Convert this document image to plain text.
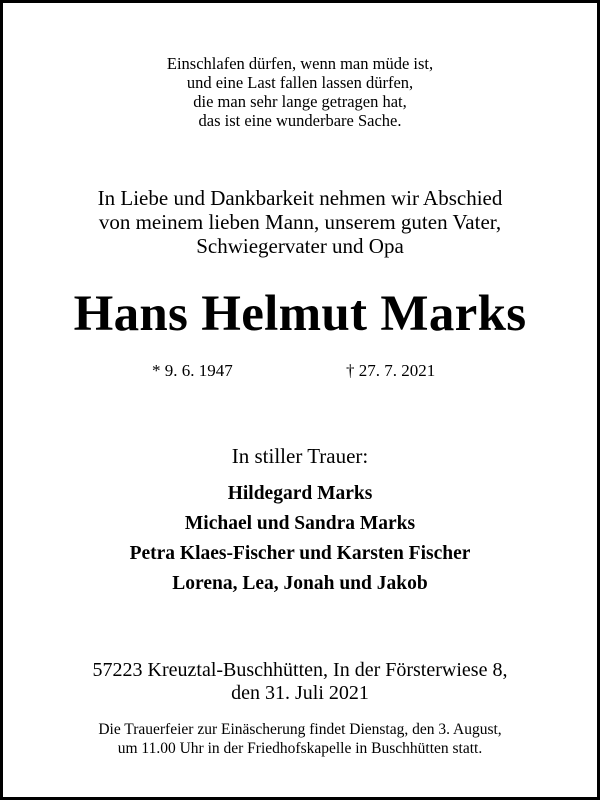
Einschlafen dürfen, wenn man müde ist,
und eine Last fallen lassen dürfen,
die man sehr lange getragen hat,
das ist eine wunderbare Sache.
In Liebe und Dankbarkeit nehmen wir Abschied
von meinem lieben Mann, unserem guten Vater,
Schwiegervater und Opa
Hans Helmut Marks
* 9. 6. 1947	† 27. 7. 2021
In stiller Trauer:
Hildegard Marks
Michael und Sandra Marks
Petra Klaes-Fischer und Karsten Fischer
Lorena, Lea, Jonah und Jakob
57223 Kreuztal-Buschhütten, In der Försterwiese 8,
den 31. Juli 2021
Die Trauerfeier zur Einäscherung findet Dienstag, den 3. August,
um 11.00 Uhr in der Friedhofskapelle in Buschhütten statt.
